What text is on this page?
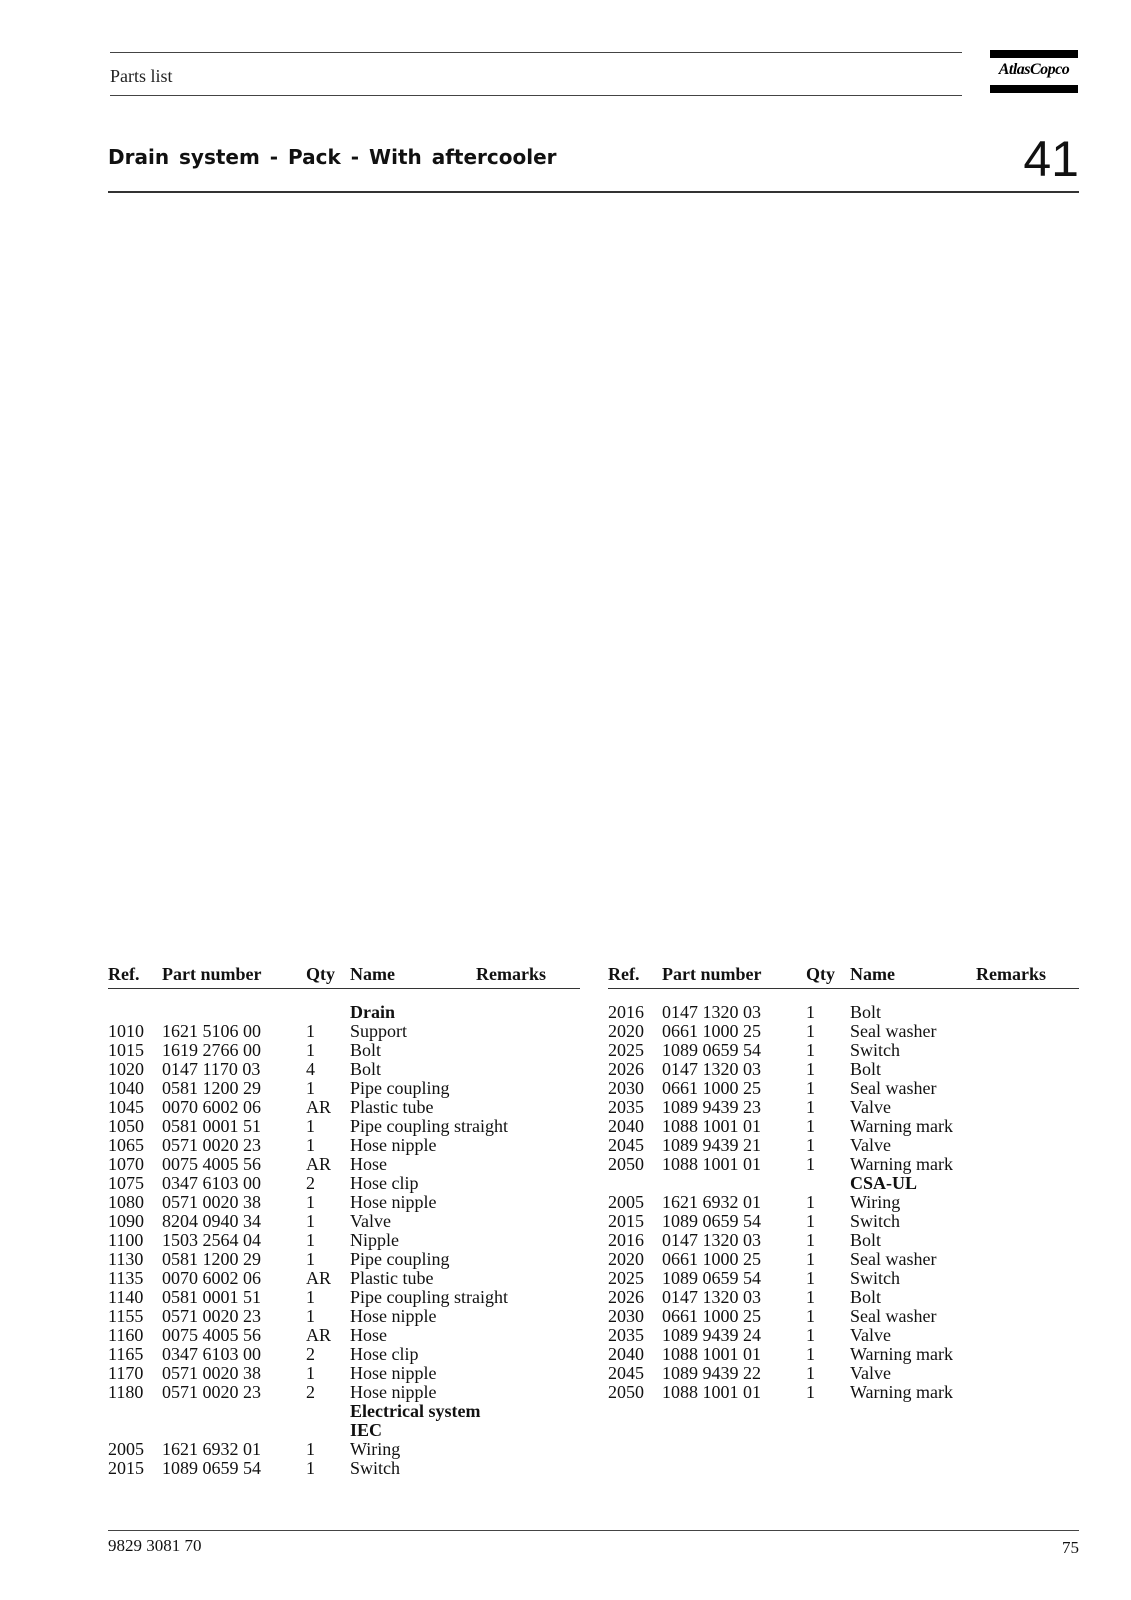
Parts list	AtlasCopco
Drain system - Pack - With aftercooler	41
Ref. Part number Qty Name	Remarks
Drain
1010 1621 5106 00	1 Support
1015 1619 2766 00	1 Bolt
1020 0147 1170 03	4 Bolt
1040 0581 1200 29	1 Pipe coupling
1045 0070 6002 06	AR Plastic tube
1050 0581 0001 51	1 Pipe coupling straight
1065 0571 0020 23	1 Hose nipple
1070 0075 4005 56	AR Hose
1075 0347 6103 00	2 Hose clip
1080 0571 0020 38	1 Hose nipple
1090 8204 0940 34	1 Valve
1100 1503 2564 04	1 Nipple
1130 0581 1200 29	1 Pipe coupling
1135 0070 6002 06	AR Plastic tube
1140 0581 0001 51	1 Pipe coupling straight
1155 0571 0020 23	1 Hose nipple
1160 0075 4005 56	AR Hose
1165 0347 6103 00	2 Hose clip
1170 0571 0020 38	1 Hose nipple
1180 0571 0020 23	2 Hose nipple
Electrical system
IEC
2005 1621 6932 01	1 Wiring
2015 1089 0659 54	1 Switch
Ref. Part number Qty Name	Remarks
2016 0147 1320 03	1 Bolt
2020 0661 1000 25	1 Seal washer
2025 1089 0659 54	1 Switch
2026 0147 1320 03	1 Bolt
2030 0661 1000 25	1 Seal washer
2035 1089 9439 23	1 Valve
2040 1088 1001 01	1 Warning mark
2045 1089 9439 21	1 Valve
2050 1088 1001 01	1 Warning mark
CSA-UL
2005 1621 6932 01	1 Wiring
2015 1089 0659 54	1 Switch
2016 0147 1320 03	1 Bolt
2020 0661 1000 25	1 Seal washer
2025 1089 0659 54	1 Switch
2026 0147 1320 03	1 Bolt
2030 0661 1000 25	1 Seal washer
2035 1089 9439 24	1 Valve
2040 1088 1001 01	1 Warning mark
2045 1089 9439 22	1 Valve
2050 1088 1001 01	1 Warning mark
9829 3081 70	75
